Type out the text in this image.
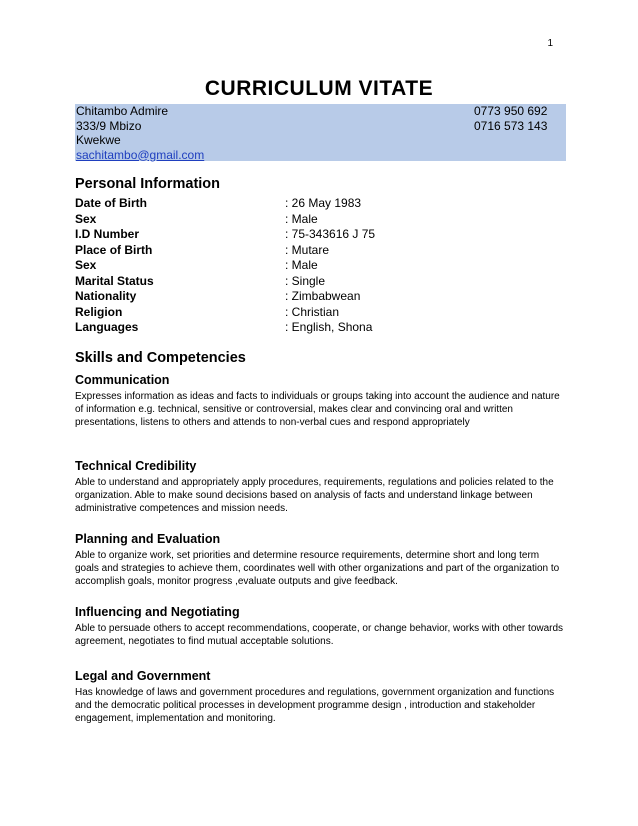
1
CURRICULUM VITATE
Chitambo Admire	0773 950 692
333/9 Mbizo	0716 573 143
Kwekwe
sachitambo@gmail.com
Personal Information
Date of Birth	: 26 May 1983
Sex	: Male
I.D Number	: 75-343616 J 75
Place of Birth	: Mutare
Sex	: Male
Marital Status	: Single
Nationality	: Zimbabwean
Religion	: Christian
Languages	: English, Shona
Skills and Competencies

Communication

Expresses information as ideas and facts to individuals or groups taking into account the audience and nature of information e.g. technical, sensitive or controversial, makes clear and convincing oral and written presentations, listens to others and attends to non-verbal cues and respond appropriately

Technical Credibility

Able to understand and appropriately apply procedures, requirements, regulations and policies related to the organization. Able to make sound decisions based on analysis of facts and understand linkage between administrative competences and mission needs.

Planning and Evaluation

Able to organize work, set priorities and determine resource requirements, determine short and long term goals and strategies to achieve them, coordinates well with other organizations and part of the organization to accomplish goals, monitor progress ,evaluate outputs and give feedback.

Influencing and Negotiating

Able to persuade others to accept recommendations, cooperate, or change behavior, works with other towards agreement, negotiates to find mutual acceptable solutions.

Legal and Government

Has knowledge of laws and government procedures and regulations, government organization and functions and the democratic political processes in development programme design , introduction and stakeholder engagement, implementation and monitoring.
